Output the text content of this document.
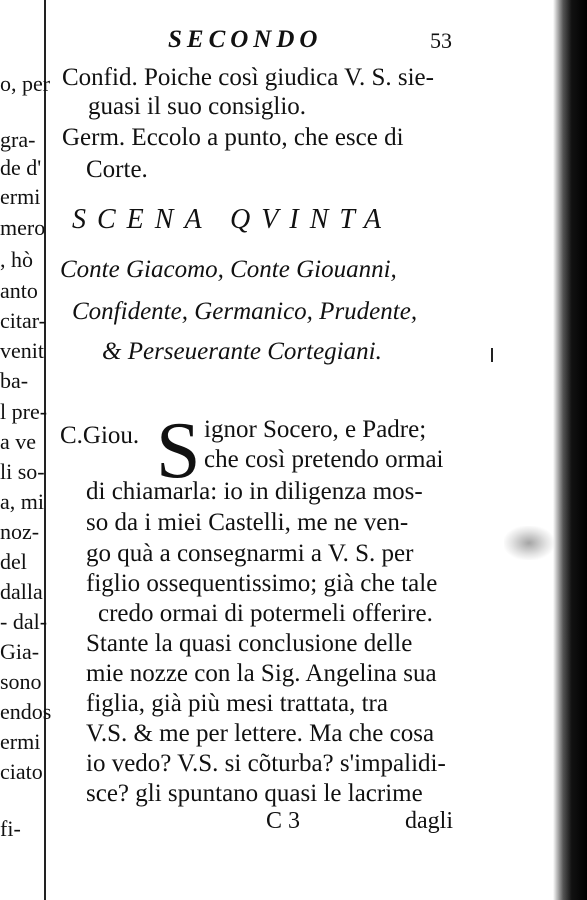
o, per
gra-
de d'
ermi
mero
, hò
anto
citar-
venit
ba-
l pre-
a ve
li so-
a, mi
noz-
del
dalla
- dal-
Gia-
sono
endos
ermi
ciato
fi-
SECONDO	53
Confid. Poiche così giudica V. S. sie-
guasi il suo consiglio.
Germ. Eccolo a punto, che esce di
Corte.
SCENA QVINTA
Conte Giacomo, Conte Giouanni,
Confidente, Germanico, Prudente,
& Perseuerante Cortegiani.
C.Giou. S ignor Socero, e Padre;
che così pretendo ormai
di chiamarla: io in diligenza mos-
so da i miei Castelli, me ne ven-
go quà a consegnarmi a V. S. per
figlio ossequentissimo; già che tale
credo ormai di potermeli offerire.
Stante la quasi conclusione delle
mie nozze con la Sig. Angelina sua
figlia, già più mesi trattata, tra
V.S. & me per lettere. Ma che cosa
io vedo? V.S. si cõturba? s'impalidi-
sce? gli spuntano quasi le lacrime
C 3	dagli
